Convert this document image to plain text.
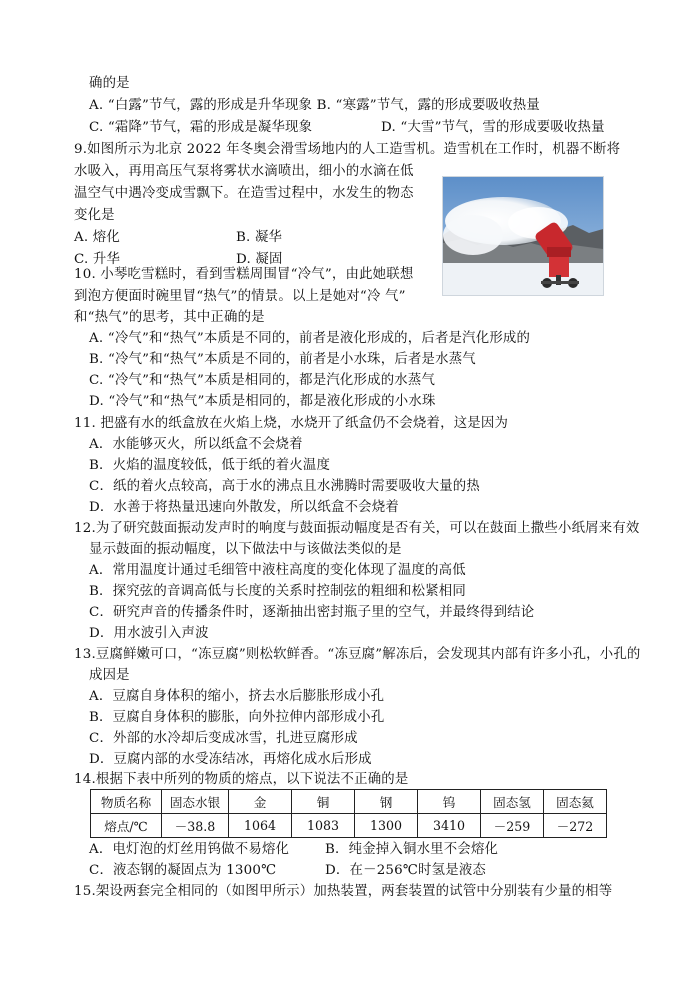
确的是
A. “白露”节气，露的形成是升华现象 B. “寒露”节气，露的形成要吸收热量
C. “霜降”节气，霜的形成是凝华现象	D. “大雪”节气，雪的形成要吸收热量
9.如图所示为北京 2022 年冬奥会滑雪场地内的人工造雪机。造雪机在工作时，机器不断将
水吸入，再用高压气泵将雾状水滴喷出，细小的水滴在低
温空气中遇冷变成雪飘下。在造雪过程中，水发生的物态
变化是
A. 熔化	B. 凝华
C. 升华	D. 凝固
10. 小琴吃雪糕时，看到雪糕周围冒“冷气”，由此她联想
到泡方便面时碗里冒“热气”的情景。以上是她对“冷 气”
和“热气”的思考，其中正确的是
A. “冷气”和“热气”本质是不同的，前者是液化形成的，后者是汽化形成的
B. “冷气”和“热气”本质是不同的，前者是小水珠，后者是水蒸气
C. “冷气”和“热气”本质是相同的，都是汽化形成的水蒸气
D. “冷气”和“热气”本质是相同的，都是液化形成的小水珠
11. 把盛有水的纸盒放在火焰上烧，水烧开了纸盒仍不会烧着，这是因为
A．水能够灭火，所以纸盒不会烧着
B．火焰的温度较低，低于纸的着火温度
C．纸的着火点较高，高于水的沸点且水沸腾时需要吸收大量的热
D．水善于将热量迅速向外散发，所以纸盒不会烧着
12.为了研究鼓面振动发声时的响度与鼓面振动幅度是否有关，可以在鼓面上撒些小纸屑来有效
显示鼓面的振动幅度，以下做法中与该做法类似的是
A．常用温度计通过毛细管中液柱高度的变化体现了温度的高低
B．探究弦的音调高低与长度的关系时控制弦的粗细和松紧相同
C．研究声音的传播条件时，逐渐抽出密封瓶子里的空气，并最终得到结论
D．用水波引入声波
13.豆腐鲜嫩可口，“冻豆腐”则松软鲜香。“冻豆腐”解冻后，会发现其内部有许多小孔，小孔的
成因是
A．豆腐自身体积的缩小，挤去水后膨胀形成小孔
B．豆腐自身体积的膨胀，向外拉伸内部形成小孔
C．外部的水冷却后变成冰雪，扎进豆腐形成
D．豆腐内部的水受冻结冰，再熔化成水后形成
14.根据下表中所列的物质的熔点，以下说法不正确的是
物质名称	固态水银	金	铜	钢	钨	固态氢	固态氦
熔点/℃	－38.8	1064	1083	1300	3410	－259	－272
A．电灯泡的灯丝用钨做不易熔化	B．纯金掉入铜水里不会熔化
C．液态钢的凝固点为 1300℃	D．在－256℃时氢是液态
15.架设两套完全相同的（如图甲所示）加热装置，两套装置的试管中分别装有少量的相等
